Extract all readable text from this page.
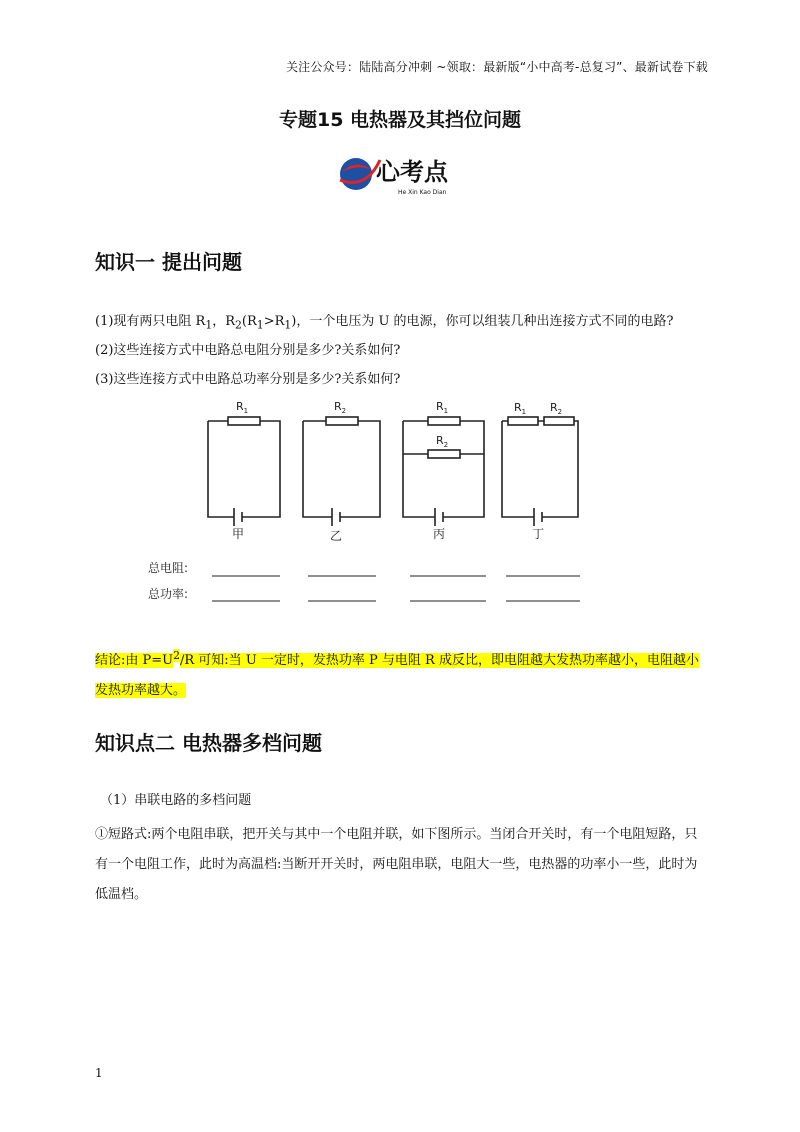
关注公众号：陆陆高分冲刺 ~领取：最新版“小中高考-总复习”、最新试卷下载
专题15 电热器及其挡位问题
心考点
He Xin Kao Dian
知识一 提出问题
(1)现有两只电阻 $R_1$，$R_2(R_1>R_1)$，一个电压为 U 的电源，你可以组装几种出连接方式不同的电路?
(2)这些连接方式中电路总电阻分别是多少?关系如何?
(3)这些连接方式中电路总功率分别是多少?关系如何?
$R_1$	$R_2$	$R_1$
$R_2$
$R_1$ $R_2$
甲	乙	丙	丁
总电阻:
总功率:
结论:由 $P=U^2/R$ 可知:当 U 一定时，发热功率 P 与电阻 R 成反比，即电阻越大发热功率越小，电阻越小发热功率越大。
知识点二 电热器多档问题
（1）串联电路的多档问题
①短路式:两个电阻串联，把开关与其中一个电阻并联，如下图所示。当闭合开关时，有一个电阻短路，只有一个电阻工作，此时为高温档:当断开开关时，两电阻串联，电阻大一些，电热器的功率小一些，此时为低温档。
1
